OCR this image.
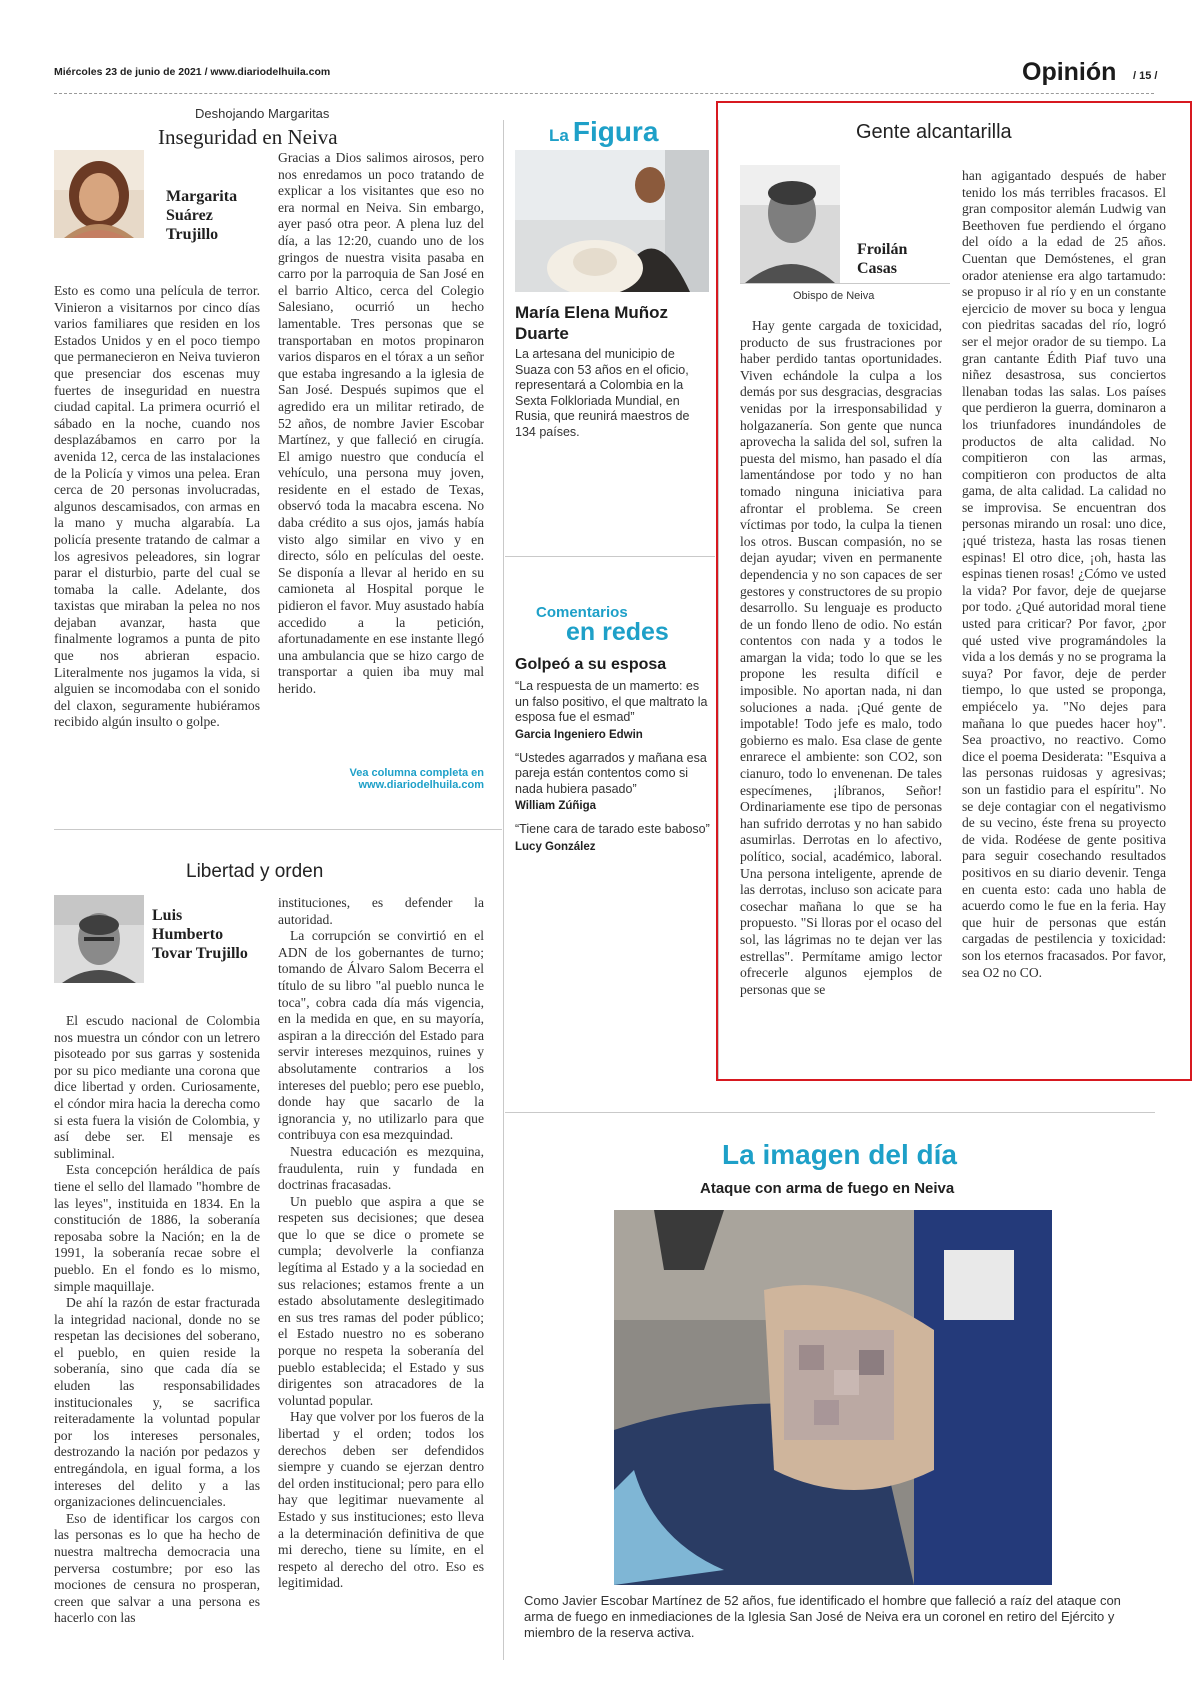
Miércoles 23 de junio de 2021 / www.diariodelhuila.com	Opinión / 15 /
Deshojando Margaritas
Inseguridad en Neiva
Margarita Suárez Trujillo

Esto es como una película de terror. Vinieron a visitarnos por cinco días varios familiares que residen en los Estados Unidos y en el poco tiempo que permanecieron en Neiva tuvieron que presenciar dos escenas muy fuertes de inseguridad en nuestra ciudad capital. La primera ocurrió el sábado en la noche, cuando nos desplazábamos en carro por la avenida 12, cerca de las instalaciones de la Policía y vimos una pelea. Eran cerca de 20 personas involucradas, algunos descamisados, con armas en la mano y mucha algarabía. La policía presente tratando de calmar a los agresivos peleadores, sin lograr parar el disturbio, parte del cual se tomaba la calle. Adelante, dos taxistas que miraban la pelea no nos dejaban avanzar, hasta que finalmente logramos a punta de pito que nos abrieran espacio. Literalmente nos jugamos la vida, si alguien se incomodaba con el sonido del claxon, seguramente hubiéramos recibido algún insulto o golpe.

Gracias a Dios salimos airosos, pero nos enredamos un poco tratando de explicar a los visitantes que eso no era normal en Neiva. Sin embargo, ayer pasó otra peor. A plena luz del día, a las 12:20, cuando uno de los gringos de nuestra visita pasaba en carro por la parroquia de San José en el barrio Altico, cerca del Colegio Salesiano, ocurrió un hecho lamentable. Tres personas que se transportaban en motos propinaron varios disparos en el tórax a un señor que estaba ingresando a la iglesia de San José. Después supimos que el agredido era un militar retirado, de 52 años, de nombre Javier Escobar Martínez, y que falleció en cirugía. El amigo nuestro que conducía el vehículo, una persona muy joven, residente en el estado de Texas, observó toda la macabra escena. No daba crédito a sus ojos, jamás había visto algo similar en vivo y en directo, sólo en películas del oeste. Se disponía a llevar al herido en su camioneta al Hospital porque le pidieron el favor. Muy asustado había accedido a la petición, afortunadamente en ese instante llegó una ambulancia que se hizo cargo de transportar a quien iba muy mal herido.

Vea columna completa en
www.diariodelhuila.com
Libertad y orden
Luis Humberto Tovar Trujillo

El escudo nacional de Colombia nos muestra un cóndor con un letrero pisoteado por sus garras y sostenida por su pico mediante una corona que dice libertad y orden. Curiosamente, el cóndor mira hacia la derecha como si esta fuera la visión de Colombia, y así debe ser. El mensaje es subliminal.

Esta concepción heráldica de país tiene el sello del llamado "hombre de las leyes", instituida en 1834. En la constitución de 1886, la soberanía reposaba sobre la Nación; en la de 1991, la soberanía recae sobre el pueblo. En el fondo es lo mismo, simple maquillaje.

De ahí la razón de estar fracturada la integridad nacional, donde no se respetan las decisiones del soberano, el pueblo, en quien reside la soberanía, sino que cada día se eluden las responsabilidades institucionales y, se sacrifica reiteradamente la voluntad popular por los intereses personales, destrozando la nación por pedazos y entregándola, en igual forma, a los intereses del delito y a las organizaciones delincuenciales.

Eso de identificar los cargos con las personas es lo que ha hecho de nuestra maltrecha democracia una perversa costumbre; por eso las mociones de censura no prosperan, creen que salvar a una persona es hacerlo con las

instituciones, es defender la autoridad.

La corrupción se convirtió en el ADN de los gobernantes de turno; tomando de Álvaro Salom Becerra el título de su libro "al pueblo nunca le toca", cobra cada día más vigencia, en la medida en que, en su mayoría, aspiran a la dirección del Estado para servir intereses mezquinos, ruines y absolutamente contrarios a los intereses del pueblo; pero ese pueblo, donde hay que sacarlo de la ignorancia y, no utilizarlo para que contribuya con esa mezquindad.

Nuestra educación es mezquina, fraudulenta, ruin y fundada en doctrinas fracasadas.

Un pueblo que aspira a que se respeten sus decisiones; que desea que lo que se dice o promete se cumpla; devolverle la confianza legítima al Estado y a la sociedad en sus relaciones; estamos frente a un estado absolutamente deslegitimado en sus tres ramas del poder público; el Estado nuestro no es soberano porque no respeta la soberanía del pueblo establecida; el Estado y sus dirigentes son atracadores de la voluntad popular.

Hay que volver por los fueros de la libertad y el orden; todos los derechos deben ser defendidos siempre y cuando se ejerzan dentro del orden institucional; pero para ello hay que legitimar nuevamente al Estado y sus instituciones; esto lleva a la determinación definitiva de que mi derecho, tiene su límite, en el respeto al derecho del otro. Eso es legitimidad.

La Figura
María Elena Muñoz Duarte
La artesana del municipio de Suaza con 53 años en el oficio, representará a Colombia en la Sexta Folkloriada Mundial, en Rusia, que reunirá maestros de 134 países.
Comentarios
en redes
Golpeó a su esposa
“La respuesta de un mamerto: es un falso positivo, el que maltrato la esposa fue el esmad”
Garcia Ingeniero Edwin
“Ustedes agarrados y mañana esa pareja están contentos como si nada hubiera pasado”
William Zúñiga
“Tiene cara de tarado este baboso”
Lucy González
Gente alcantarilla
Froilán Casas
Obispo de Neiva

Hay gente cargada de toxicidad, producto de sus frustraciones por haber perdido tantas oportunidades. Viven echándole la culpa a los demás por sus desgracias, desgracias venidas por la irresponsabilidad y holgazanería. Son gente que nunca aprovecha la salida del sol, sufren la puesta del mismo, han pasado el día lamentándose por todo y no han tomado ninguna iniciativa para afrontar el problema. Se creen víctimas por todo, la culpa la tienen los otros. Buscan compasión, no se dejan ayudar; viven en permanente dependencia y no son capaces de ser gestores y constructores de su propio desarrollo. Su lenguaje es producto de un fondo lleno de odio. No están contentos con nada y a todos le amargan la vida; todo lo que se les propone les resulta difícil e imposible. No aportan nada, ni dan soluciones a nada. ¡Qué gente de impotable! Todo jefe es malo, todo gobierno es malo. Esa clase de gente enrarece el ambiente: son CO2, son cianuro, todo lo envenenan. De tales especímenes, ¡líbranos, Señor! Ordinariamente ese tipo de personas han sufrido derrotas y no han sabido asumirlas. Derrotas en lo afectivo, político, social, académico, laboral. Una persona inteligente, aprende de las derrotas, incluso son acicate para cosechar mañana lo que se ha propuesto. "Si lloras por el ocaso del sol, las lágrimas no te dejan ver las estrellas". Permítame amigo lector ofrecerle algunos ejemplos de personas que se

han agigantado después de haber tenido los más terribles fracasos. El gran compositor alemán Ludwig van Beethoven fue perdiendo el órgano del oído a la edad de 25 años. Cuentan que Demóstenes, el gran orador ateniense era algo tartamudo: se propuso ir al río y en un constante ejercicio de mover su boca y lengua con piedritas sacadas del río, logró ser el mejor orador de su tiempo. La gran cantante Édith Piaf tuvo una niñez desastrosa, sus conciertos llenaban todas las salas. Los países que perdieron la guerra, dominaron a los triunfadores inundándoles de productos de alta calidad. No compitieron con las armas, compitieron con productos de alta gama, de alta calidad. La calidad no se improvisa. Se encuentran dos personas mirando un rosal: uno dice, ¡qué tristeza, hasta las rosas tienen espinas! El otro dice, ¡oh, hasta las espinas tienen rosas! ¿Cómo ve usted la vida? Por favor, deje de quejarse por todo. ¿Qué autoridad moral tiene usted para criticar? Por favor, ¿por qué usted vive programándoles la vida a los demás y no se programa la suya? Por favor, deje de perder tiempo, lo que usted se proponga, empiécelo ya. "No dejes para mañana lo que puedes hacer hoy". Sea proactivo, no reactivo. Como dice el poema Desiderata: "Esquiva a las personas ruidosas y agresivas; son un fastidio para el espíritu". No se deje contagiar con el negativismo de su vecino, éste frena su proyecto de vida. Rodéese de gente positiva para seguir cosechando resultados positivos en su diario devenir. Tenga en cuenta esto: cada uno habla de acuerdo como le fue en la feria. Hay que huir de personas que están cargadas de pestilencia y toxicidad: son los eternos fracasados. Por favor, sea O2 no CO.

La imagen del día
Ataque con arma de fuego en Neiva
Como Javier Escobar Martínez de 52 años, fue identificado el hombre que falleció a raíz del ataque con arma de fuego en inmediaciones de la Iglesia San José de Neiva era un coronel en retiro del Ejército y miembro de la reserva activa.
